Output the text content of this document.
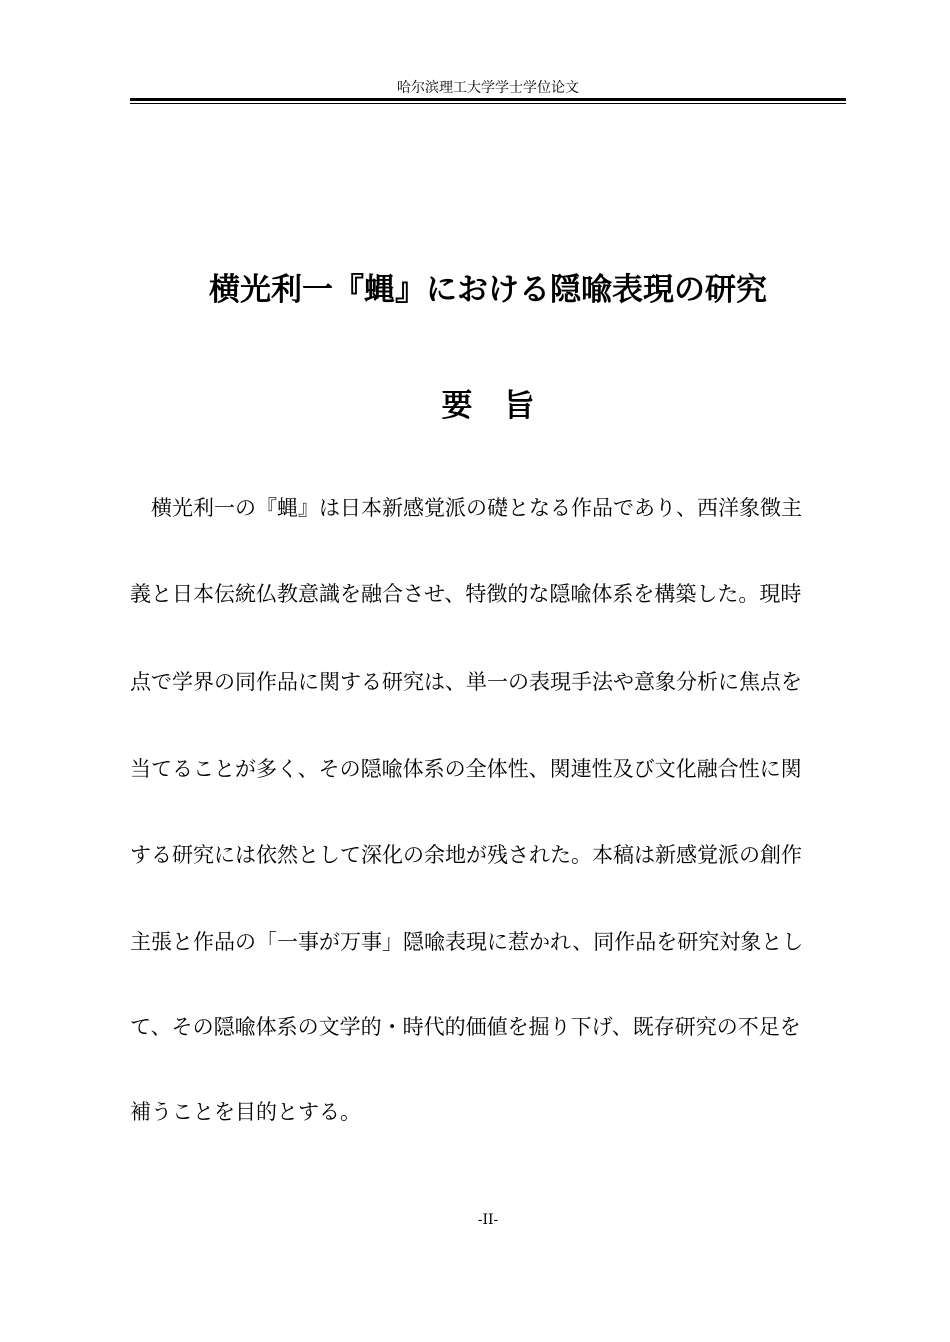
哈尔滨理工大学学士学位论文
横光利一『蝿』における隠喩表現の研究
要　旨
　横光利一の『蝿』は日本新感覚派の礎となる作品であり、西洋象徴主
義と日本伝統仏教意識を融合させ、特徴的な隠喩体系を構築した。現時
点で学界の同作品に関する研究は、単一の表現手法や意象分析に焦点を
当てることが多く、その隠喩体系の全体性、関連性及び文化融合性に関
する研究には依然として深化の余地が残された。本稿は新感覚派の創作
主張と作品の「一事が万事」隠喩表現に惹かれ、同作品を研究対象とし
て、その隠喩体系の文学的・時代的価値を掘り下げ、既存研究の不足を
補うことを目的とする。
-II-
